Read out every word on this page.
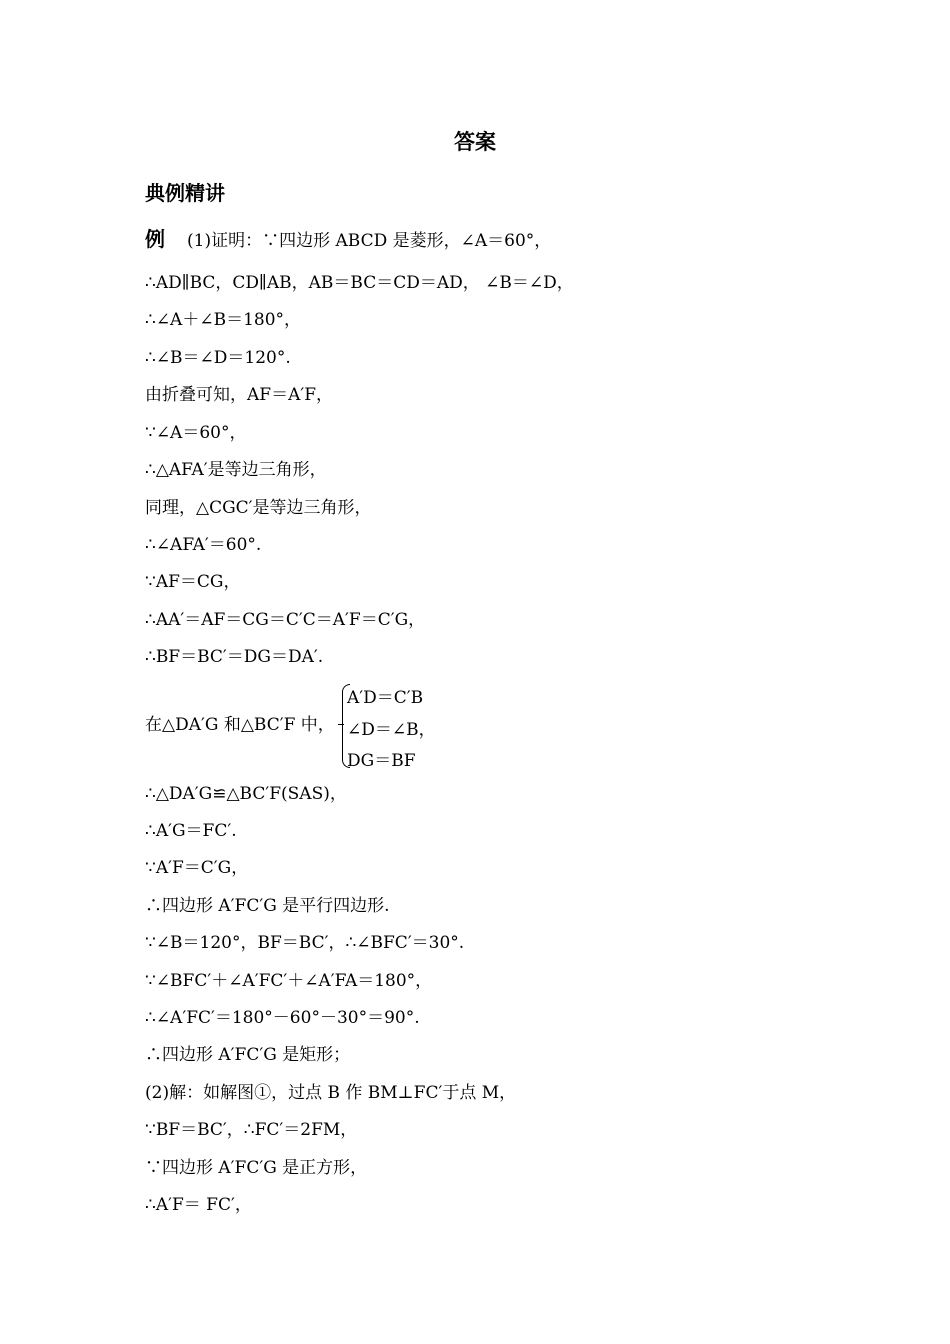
答案
典例精讲
例 (1)证明：∵四边形 ABCD 是菱形，∠A＝60°，
∴AD∥BC，CD∥AB，AB＝BC＝CD＝AD， ∠B＝∠D，
∴∠A＋∠B＝180°，
∴∠B＝∠D＝120°.
由折叠可知，AF＝A′F，
∵∠A＝60°，
∴△AFA′是等边三角形，
同理，△CGC′是等边三角形，
∴∠AFA′＝60°.
∵AF＝CG，
∴AA′＝AF＝CG＝C′C＝A′F＝C′G，
∴BF＝BC′＝DG＝DA′.
在△DA′G 和△BC′F 中，
A′D＝C′B
∠D＝∠B，
DG＝BF
∴△DA′G≌△BC′F(SAS)，
∴A′G＝FC′.
∵A′F＝C′G，
∴四边形 A′FC′G 是平行四边形.
∵∠B＝120°，BF＝BC′，∴∠BFC′＝30°.
∵∠BFC′＋∠A′FC′＋∠A′FA＝180°，
∴∠A′FC′＝180°－60°－30°＝90°.
∴四边形 A′FC′G 是矩形；
(2)解：如解图①，过点 B 作 BM⊥FC′于点 M，
∵BF＝BC′，∴FC′＝2FM，
∵四边形 A′FC′G 是正方形，
∴A′F＝ FC′，
